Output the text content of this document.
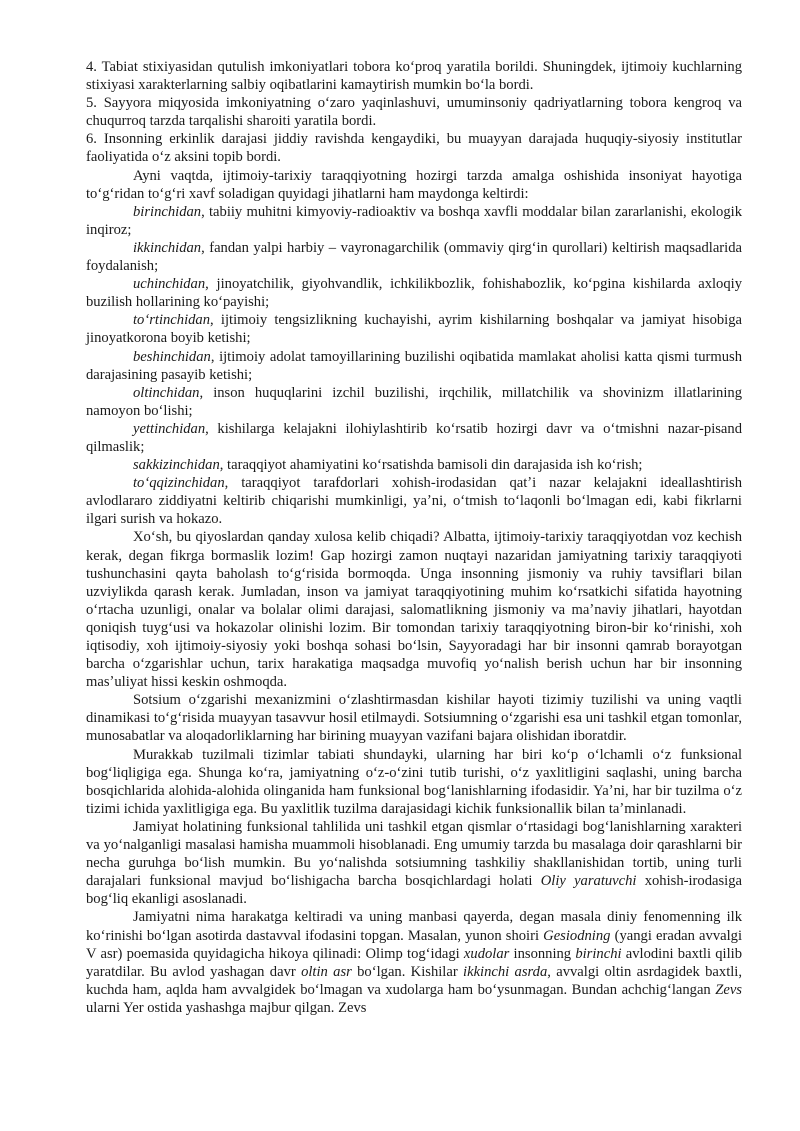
4. Tabiat stixiyasidan qutulish imkoniyatlari tobora koʻproq yaratila borildi. Shuningdek, ijtimoiy kuchlarning stixiyasi xarakterlarning salbiy oqibatlarini kamaytirish mumkin boʻla bordi.

5. Sayyora miqyosida imkoniyatning oʻzaro yaqinlashuvi, umuminsoniy qadriyatlarning tobora kengroq va chuqurroq tarzda tarqalishi sharoiti yaratila bordi.

6. Insonning erkinlik darajasi jiddiy ravishda kengaydiki, bu muayyan darajada huquqiy-siyosiy institutlar faoliyatida oʻz aksini topib bordi.

Ayni vaqtda, ijtimoiy-tarixiy taraqqiyotning hozirgi tarzda amalga oshishida insoniyat hayotiga toʻgʻridan toʻgʻri xavf soladigan quyidagi jihatlarni ham maydonga keltirdi:

birinchidan, tabiiy muhitni kimyoviy-radioaktiv va boshqa xavfli moddalar bilan zararlanishi, ekologik inqiroz;

ikkinchidan, fandan yalpi harbiy – vayronagarchilik (ommaviy qirgʻin qurollari) keltirish maqsadlarida foydalanish;

uchinchidan, jinoyatchilik, giyohvandlik, ichkilikbozlik, fohishabozlik, koʻpgina kishilarda axloqiy buzilish hollarining koʻpayishi;

toʻrtinchidan, ijtimoiy tengsizlikning kuchayishi, ayrim kishilarning boshqalar va jamiyat hisobiga jinoyatkorona boyib ketishi;

beshinchidan, ijtimoiy adolat tamoyillarining buzilishi oqibatida mamlakat aholisi katta qismi turmush darajasining pasayib ketishi;

oltinchidan, inson huquqlarini izchil buzilishi, irqchilik, millatchilik va shovinizm illatlarining namoyon boʻlishi;

yettinchidan, kishilarga kelajakni ilohiylashtirib koʻrsatib hozirgi davr va oʻtmishni nazar-pisand qilmaslik;

sakkizinchidan, taraqqiyot ahamiyatini koʻrsatishda bamisoli din darajasida ish koʻrish;

toʻqqizinchidan, taraqqiyot tarafdorlari xohish-irodasidan qatʼi nazar kelajakni ideallashtirish avlodlararo ziddiyatni keltirib chiqarishi mumkinligi, yaʼni, oʻtmish toʻlaqonli boʻlmagan edi, kabi fikrlarni ilgari surish va hokazo.

Xoʻsh, bu qiyoslardan qanday xulosa kelib chiqadi? Albatta, ijtimoiy-tarixiy taraqqiyotdan voz kechish kerak, degan fikrga bormaslik lozim! Gap hozirgi zamon nuqtayi nazaridan jamiyatning tarixiy taraqqiyoti tushunchasini qayta baholash toʻgʻrisida bormoqda. Unga insonning jismoniy va ruhiy tavsiflari bilan uzviylikda qarash kerak. Jumladan, inson va jamiyat taraqqiyotining muhim koʻrsatkichi sifatida hayotning oʻrtacha uzunligi, onalar va bolalar olimi darajasi, salomatlikning jismoniy va maʼnaviy jihatlari, hayotdan qoniqish tuygʻusi va hokazolar olinishi lozim. Bir tomondan tarixiy taraqqiyotning biron-bir koʻrinishi, xoh iqtisodiy, xoh ijtimoiy-siyosiy yoki boshqa sohasi boʻlsin, Sayyoradagi har bir insonni qamrab borayotgan barcha oʻzgarishlar uchun, tarix harakatiga maqsadga muvofiq yoʻnalish berish uchun har bir insonning masʼuliyat hissi keskin oshmoqda.

Sotsium oʻzgarishi mexanizmini oʻzlashtirmasdan kishilar hayoti tizimiy tuzilishi va uning vaqtli dinamikasi toʻgʻrisida muayyan tasavvur hosil etilmaydi. Sotsiumning oʻzgarishi esa uni tashkil etgan tomonlar, munosabatlar va aloqadorliklarning har birining muayyan vazifani bajara olishidan iboratdir.

Murakkab tuzilmali tizimlar tabiati shundaykі, ularning har biri koʻp oʻlchamli oʻz funksional bogʻliqligiga ega. Shunga koʻra, jamiyatning oʻz-oʻzini tutib turishi, oʻz yaxlitligini saqlashi, uning barcha bosqichlarida alohida-alohida olinganida ham funksional bogʻlanishlarning ifodasidir. Yaʼni, har bir tuzilma oʻz tizimi ichida yaxlitligiga ega. Bu yaxlitlik tuzilma darajasidagi kichik funksionallik bilan taʼminlanadi.

Jamiyat holatining funksional tahlilida uni tashkil etgan qismlar oʻrtasidagi bogʻlanishlarning xarakteri va yoʻnalganligi masalasi hamisha muammoli hisoblanadi. Eng umumiy tarzda bu masalaga doir qarashlarni bir necha guruhga boʻlish mumkin. Bu yoʻnalishda sotsiumning tashkiliy shakllanishidan tortib, uning turli darajalari funksional mavjud boʻlishigacha barcha bosqichlardagi holati Oliy yaratuvchi xohish-irodasiga bogʻliq ekanligi asoslanadi.

Jamiyatni nima harakatga keltiradi va uning manbasi qayerda, degan masala diniy fenomenning ilk koʻrinishi boʻlgan asotirda dastavval ifodasini topgan. Masalan, yunon shoiri Gesiodning (yangi eradan avvalgi V asr) poemasida quyidagicha hikoya qilinadi: Olimp togʻidagi xudolar insonning birinchi avlodini baxtli qilib yaratdilar. Bu avlod yashagan davr oltin asr boʻlgan. Kishilar ikkinchi asrda, avvalgi oltin asrdagidek baxtli, kuchda ham, aqlda ham avvalgidek boʻlmagan va xudolarga ham boʻysunmagan. Bundan achchigʻlangan Zevs ularni Yer ostida yashashga majbur qilgan. Zevs
